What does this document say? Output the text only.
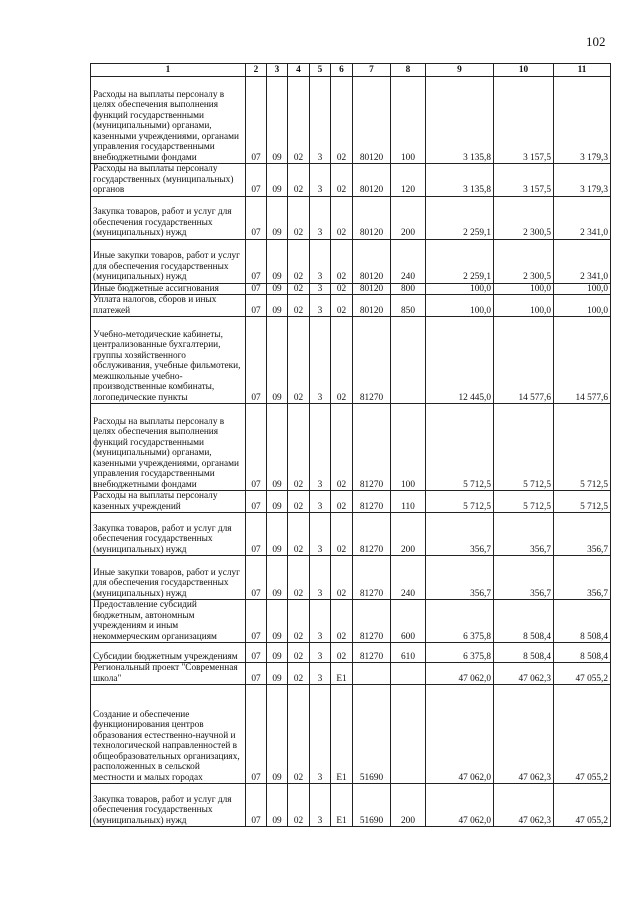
102
1	2	3	4	5	6	7	8	9	10	11
Расходы на выплаты персоналу в целях обеспечения выполнения функций государственными (муниципальными) органами, казенными учреждениями, органами управления государственными внебюджетными фондами	07	09	02	3	02	80120	100	3 135,8	3 157,5	3 179,3
Расходы на выплаты персоналу государственных (муниципальных) органов	07	09	02	3	02	80120	120	3 135,8	3 157,5	3 179,3
Закупка товаров, работ и услуг для обеспечения государственных (муниципальных) нужд	07	09	02	3	02	80120	200	2 259,1	2 300,5	2 341,0
Иные закупки товаров, работ и услуг для обеспечения государственных (муниципальных) нужд	07	09	02	3	02	80120	240	2 259,1	2 300,5	2 341,0
Иные бюджетные ассигнования	07	09	02	3	02	80120	800	100,0	100,0	100,0
Уплата налогов, сборов и иных платежей	07	09	02	3	02	80120	850	100,0	100,0	100,0
Учебно-методические кабинеты, централизованные бухгалтерии, группы хозяйственного обслуживания, учебные фильмотеки, межшкольные учебно-производственные комбинаты, логопедические пункты	07	09	02	3	02	81270		12 445,0	14 577,6	14 577,6
Расходы на выплаты персоналу в целях обеспечения выполнения функций государственными (муниципальными) органами, казенными учреждениями, органами управления государственными внебюджетными фондами	07	09	02	3	02	81270	100	5 712,5	5 712,5	5 712,5
Расходы на выплаты персоналу казенных учреждений	07	09	02	3	02	81270	110	5 712,5	5 712,5	5 712,5
Закупка товаров, работ и услуг для обеспечения государственных (муниципальных) нужд	07	09	02	3	02	81270	200	356,7	356,7	356,7
Иные закупки товаров, работ и услуг для обеспечения государственных (муниципальных) нужд	07	09	02	3	02	81270	240	356,7	356,7	356,7
Предоставление субсидий бюджетным, автономным учреждениям и иным некоммерческим организациям	07	09	02	3	02	81270	600	6 375,8	8 508,4	8 508,4
Субсидии бюджетным учреждениям	07	09	02	3	02	81270	610	6 375,8	8 508,4	8 508,4
Региональный проект "Современная школа"	07	09	02	3	E1			47 062,0	47 062,3	47 055,2
Создание и обеспечение функционирования центров образования естественно-научной и технологической направленностей в общеобразовательных организациях, расположенных в сельской местности и малых городах	07	09	02	3	E1	51690		47 062,0	47 062,3	47 055,2
Закупка товаров, работ и услуг для обеспечения государственных (муниципальных) нужд	07	09	02	3	E1	51690	200	47 062,0	47 062,3	47 055,2
